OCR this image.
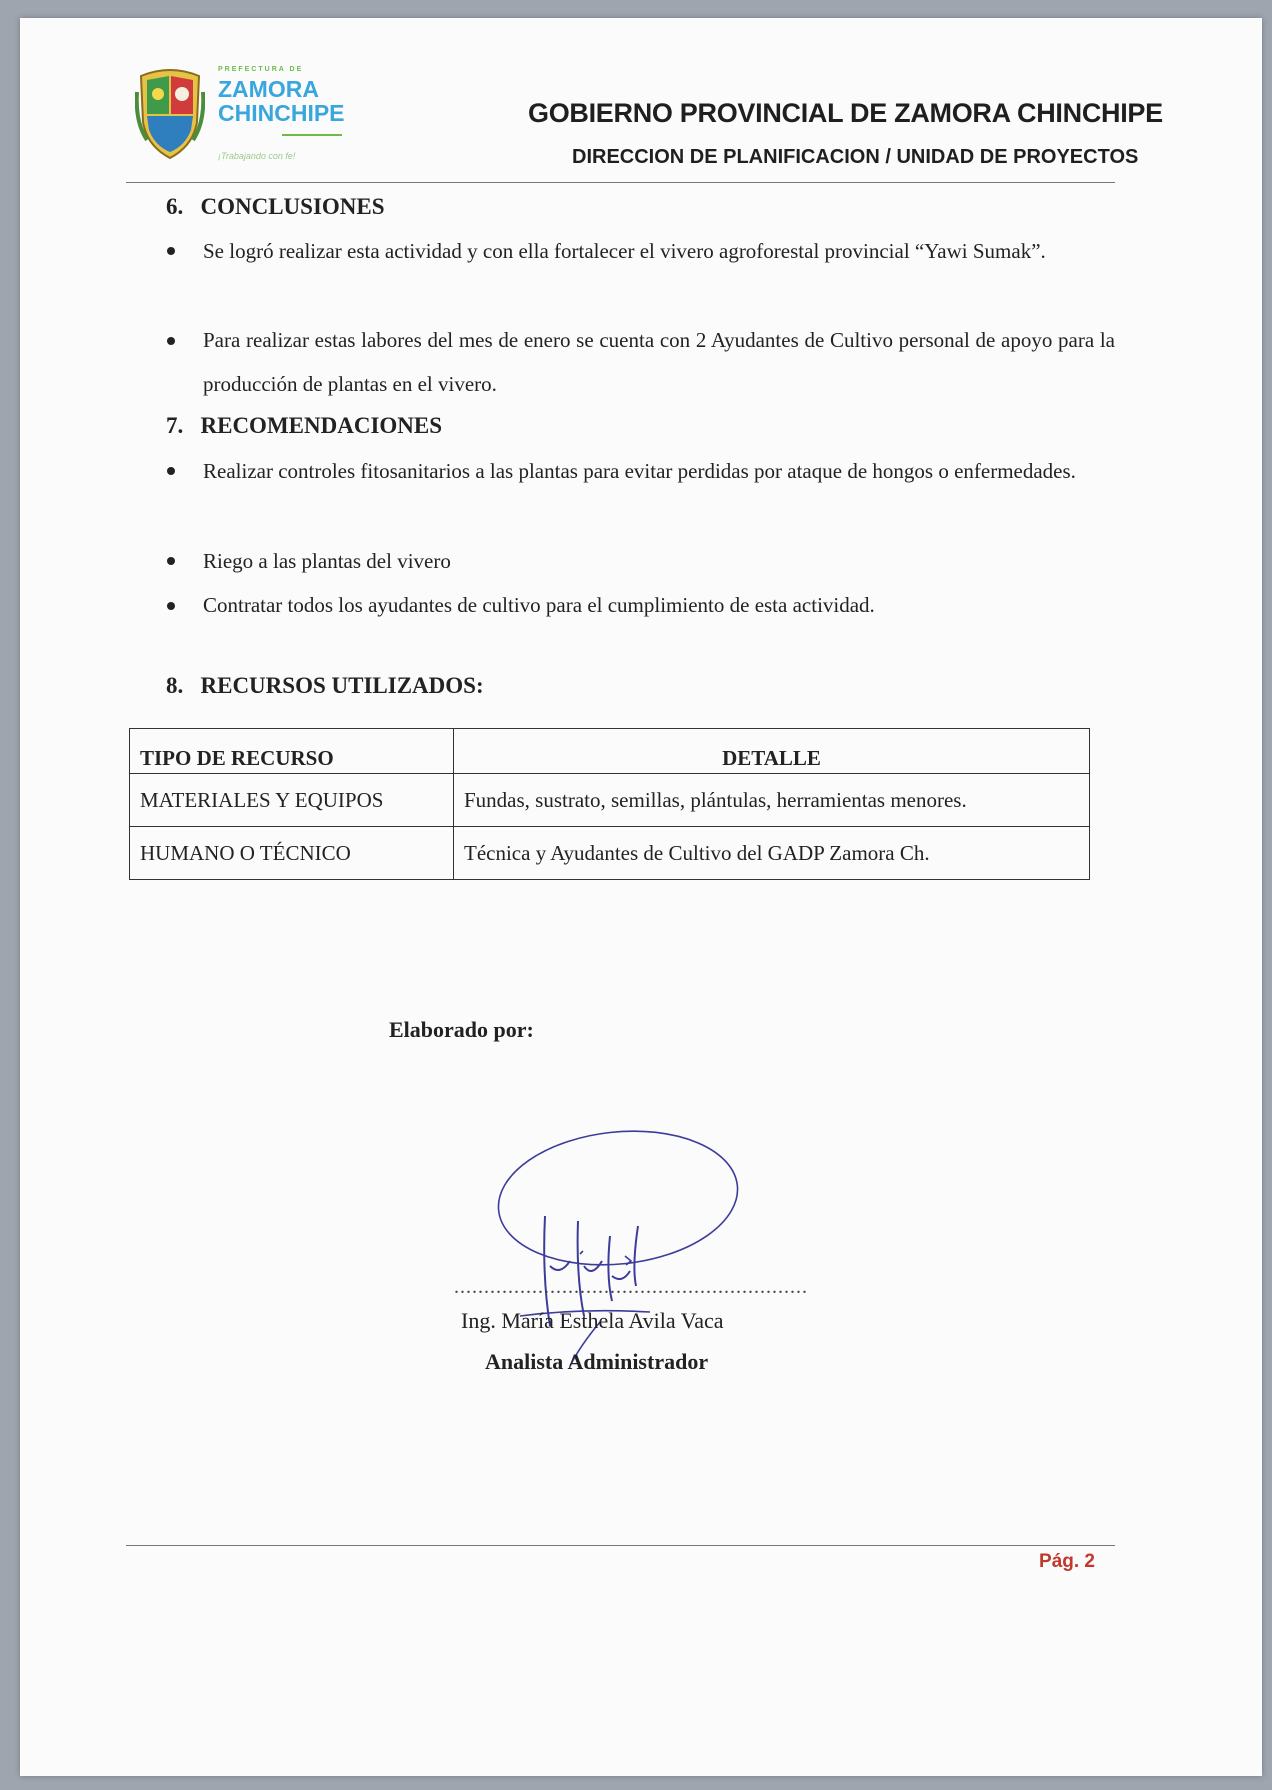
PREFECTURA DE
ZAMORA
CHINCHIPE
¡Trabajando con fe!
GOBIERNO PROVINCIAL DE ZAMORA CHINCHIPE
DIRECCION DE PLANIFICACION / UNIDAD DE PROYECTOS
6.   CONCLUSIONES
Se logró realizar esta actividad y con ella fortalecer el vivero agroforestal provincial “Yawi Sumak”.
Para realizar estas labores del mes de enero se cuenta con 2 Ayudantes de Cultivo personal de apoyo para la producción de plantas en el vivero.
7.   RECOMENDACIONES
Realizar controles fitosanitarios a las plantas para evitar perdidas por ataque de hongos o enfermedades.
Riego a las plantas del vivero
Contratar todos los ayudantes de cultivo para el cumplimiento de esta actividad.
8.   RECURSOS UTILIZADOS:
TIPO DE RECURSO	DETALLE
MATERIALES Y EQUIPOS	Fundas, sustrato, semillas, plántulas, herramientas menores.
HUMANO O TÉCNICO	Técnica y Ayudantes de Cultivo del GADP Zamora Ch.
Elaborado por:
...........................................................
Ing. María Esthela Avila Vaca
Analista Administrador
Pág. 2
